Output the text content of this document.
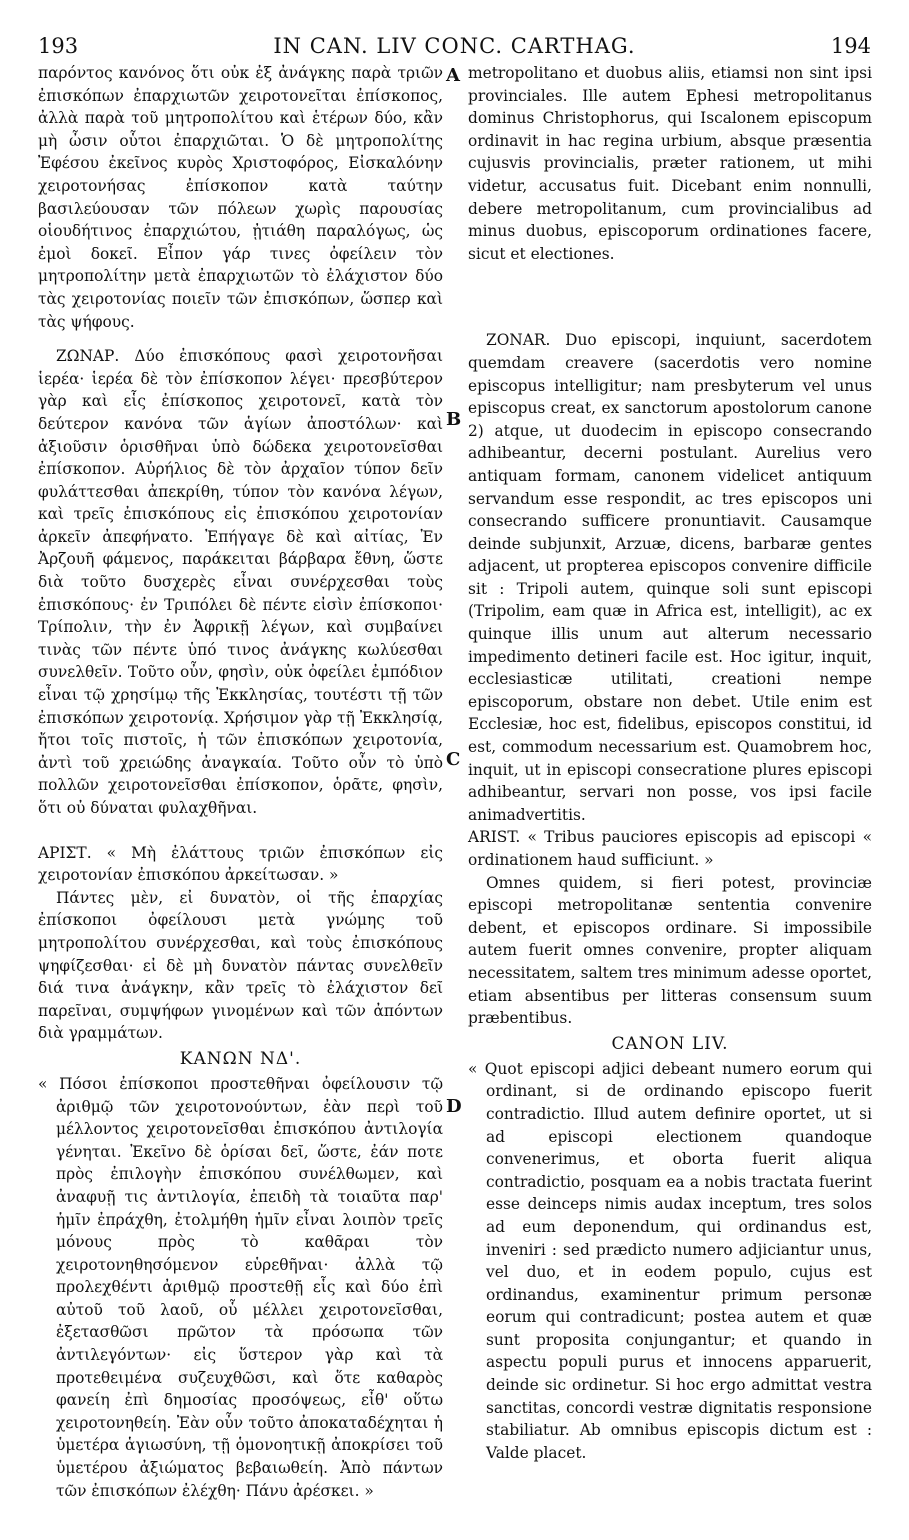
193	IN CAN. LIV CONC. CARTHAG.	194
A
B
C
D

παρόντος κανόνος ὅτι οὐκ ἐξ ἀνάγκης παρὰ τριῶν ἐπισκόπων ἐπαρχιωτῶν χειροτονεῖται ἐπίσκοπος, ἀλλὰ παρὰ τοῦ μητροπολίτου καὶ ἑτέρων δύο, κἂν μὴ ὦσιν οὗτοι ἐπαρχιῶται. Ὁ δὲ μητροπολίτης Ἐφέσου ἐκεῖνος κυρὸς Χριστοφόρος, Εἰσκαλόνην χειροτονήσας ἐπίσκοπον κατὰ ταύτην βασιλεύουσαν τῶν πόλεων χωρὶς παρουσίας οἱουδήτινος ἐπαρχιώτου, ᾐτιάθη παραλόγως, ὡς ἐμοὶ δοκεῖ. Εἶπον γάρ τινες ὀφείλειν τὸν μητροπολίτην μετὰ ἐπαρχιωτῶν τὸ ἐλάχιστον δύο τὰς χειροτονίας ποιεῖν τῶν ἐπισκόπων, ὥσπερ καὶ τὰς ψήφους.

ΖΩΝΑΡ. Δύο ἐπισκόπους φασὶ χειροτονῆσαι ἱερέα· ἱερέα δὲ τὸν ἐπίσκοπον λέγει· πρεσβύτερον γὰρ καὶ εἷς ἐπίσκοπος χειροτονεῖ, κατὰ τὸν δεύτερον κανόνα τῶν ἁγίων ἀποστόλων· καὶ ἀξιοῦσιν ὁρισθῆναι ὑπὸ δώδεκα χειροτονεῖσθαι ἐπίσκοπον. Αὐρήλιος δὲ τὸν ἀρχαῖον τύπον δεῖν φυλάττεσθαι ἀπεκρίθη, τύπον τὸν κανόνα λέγων, καὶ τρεῖς ἐπισκόπους εἰς ἐπισκόπου χειροτονίαν ἀρκεῖν ἀπεφήνατο. Ἐπήγαγε δὲ καὶ αἰτίας, Ἐν Ἀρζουῆ φάμενος, παράκειται βάρβαρα ἔθνη, ὥστε διὰ τοῦτο δυσχερὲς εἶναι συνέρχεσθαι τοὺς ἐπισκόπους· ἐν Τριπόλει δὲ πέντε εἰσὶν ἐπίσκοποι· Τρίπολιν, τὴν ἐν Ἀφρικῇ λέγων, καὶ συμβαίνει τινὰς τῶν πέντε ὑπό τινος ἀνάγκης κωλύεσθαι συνελθεῖν. Τοῦτο οὖν, φησὶν, οὐκ ὀφείλει ἐμπόδιον εἶναι τῷ χρησίμῳ τῆς Ἐκκλησίας, τουτέστι τῇ τῶν ἐπισκόπων χειροτονίᾳ. Χρήσιμον γὰρ τῇ Ἐκκλησίᾳ, ἤτοι τοῖς πιστοῖς, ἡ τῶν ἐπισκόπων χειροτονία, ἀντὶ τοῦ χρειώδης ἀναγκαία. Τοῦτο οὖν τὸ ὑπὸ πολλῶν χειροτονεῖσθαι ἐπίσκοπον, ὁρᾶτε, φησὶν, ὅτι οὐ δύναται φυλαχθῆναι.

ΑΡΙΣΤ. « Μὴ ἐλάττους τριῶν ἐπισκόπων εἰς χειροτονίαν ἐπισκόπου ἀρκείτωσαν. »

Πάντες μὲν, εἰ δυνατὸν, οἱ τῆς ἐπαρχίας ἐπίσκοποι ὀφείλουσι μετὰ γνώμης τοῦ μητροπολίτου συνέρχεσθαι, καὶ τοὺς ἐπισκόπους ψηφίζεσθαι· εἰ δὲ μὴ δυνατὸν πάντας συνελθεῖν διά τινα ἀνάγκην, κἂν τρεῖς τὸ ἐλάχιστον δεῖ παρεῖναι, συμψήφων γινομένων καὶ τῶν ἀπόντων διὰ γραμμάτων.

ΚΑΝΩΝ ΝΔ'.

« Πόσοι ἐπίσκοποι προστεθῆναι ὀφείλουσιν τῷ ἀριθμῷ τῶν χειροτονούντων, ἐὰν περὶ τοῦ μέλλοντος χειροτονεῖσθαι ἐπισκόπου ἀντιλογία γένηται. Ἐκεῖνο δὲ ὁρίσαι δεῖ, ὥστε, ἐάν ποτε πρὸς ἐπιλογὴν ἐπισκόπου συνέλθωμεν, καὶ ἀναφυῇ τις ἀντιλογία, ἐπειδὴ τὰ τοιαῦτα παρ' ἡμῖν ἐπράχθη, ἐτολμήθη ἡμῖν εἶναι λοιπὸν τρεῖς μόνους πρὸς τὸ καθᾶραι τὸν χειροτονηθησόμενον εὑρεθῆναι· ἀλλὰ τῷ προλεχθέντι ἀριθμῷ προστεθῇ εἷς καὶ δύο ἐπὶ αὐτοῦ τοῦ λαοῦ, οὗ μέλλει χειροτονεῖσθαι, ἐξετασθῶσι πρῶτον τὰ πρόσωπα τῶν ἀντιλεγόντων· εἰς ὕστερον γὰρ καὶ τὰ προτεθειμένα συζευχθῶσι, καὶ ὅτε καθαρὸς φανείη ἐπὶ δημοσίας προσόψεως, εἶθ' οὕτω χειροτονηθείη. Ἐὰν οὖν τοῦτο ἀποκαταδέχηται ἡ ὑμετέρα ἁγιωσύνη, τῇ ὁμονοητικῇ ἀποκρίσει τοῦ ὑμετέρου ἀξιώματος βεβαιωθείη. Ἀπὸ πάντων τῶν ἐπισκόπων ἐλέχθη· Πάνυ ἀρέσκει. »

metropolitano et duobus aliis, etiamsi non sint ipsi provinciales. Ille autem Ephesi metropolitanus dominus Christophorus, qui Iscalonem episcopum ordinavit in hac regina urbium, absque præsentia cujusvis provincialis, præter rationem, ut mihi videtur, accusatus fuit. Dicebant enim nonnulli, debere metropolitanum, cum provincialibus ad minus duobus, episcoporum ordinationes facere, sicut et electiones.

ZONAR. Duo episcopi, inquiunt, sacerdotem quemdam creavere (sacerdotis vero nomine episcopus intelligitur; nam presbyterum vel unus episcopus creat, ex sanctorum apostolorum canone 2) atque, ut duodecim in episcopo consecrando adhibeantur, decerni postulant. Aurelius vero antiquam formam, canonem videlicet antiquum servandum esse respondit, ac tres episcopos uni consecrando sufficere pronuntiavit. Causamque deinde subjunxit, Arzuæ, dicens, barbaræ gentes adjacent, ut propterea episcopos convenire difficile sit : Tripoli autem, quinque soli sunt episcopi (Tripolim, eam quæ in Africa est, intelligit), ac ex quinque illis unum aut alterum necessario impedimento detineri facile est. Hoc igitur, inquit, ecclesiasticæ utilitati, creationi nempe episcoporum, obstare non debet. Utile enim est Ecclesiæ, hoc est, fidelibus, episcopos constitui, id est, commodum necessarium est. Quamobrem hoc, inquit, ut in episcopi consecratione plures episcopi adhibeantur, servari non posse, vos ipsi facile animadvertitis.

ARIST. « Tribus pauciores episcopis ad episcopi « ordinationem haud sufficiunt. »

Omnes quidem, si fieri potest, provinciæ episcopi metropolitanæ sententia convenire debent, et episcopos ordinare. Si impossibile autem fuerit omnes convenire, propter aliquam necessitatem, saltem tres minimum adesse oportet, etiam absentibus per litteras consensum suum præbentibus.

CANON LIV.

« Quot episcopi adjici debeant numero eorum qui ordinant, si de ordinando episcopo fuerit contradictio. Illud autem definire oportet, ut si ad episcopi electionem quandoque convenerimus, et oborta fuerit aliqua contradictio, posquam ea a nobis tractata fuerint esse deinceps nimis audax inceptum, tres solos ad eum deponendum, qui ordinandus est, inveniri : sed prædicto numero adjiciantur unus, vel duo, et in eodem populo, cujus est ordinandus, examinentur primum personæ eorum qui contradicunt; postea autem et quæ sunt proposita conjungantur; et quando in aspectu populi purus et innocens apparuerit, deinde sic ordinetur. Si hoc ergo admittat vestra sanctitas, concordi vestræ dignitatis responsione stabiliatur. Ab omnibus episcopis dictum est : Valde placet.
